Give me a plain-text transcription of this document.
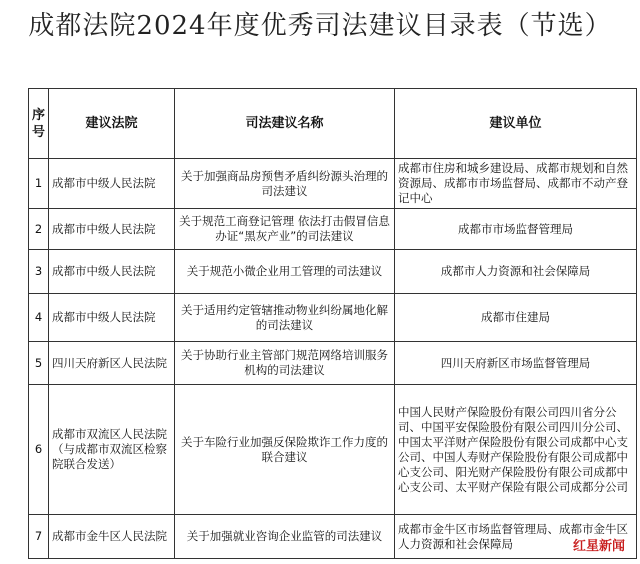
成都法院2024年度优秀司法建议目录表（节选）
序号	建议法院	司法建议名称	建议单位
1	成都市中级人民法院	关于加强商品房预售矛盾纠纷源头治理的司法建议	成都市住房和城乡建设局、成都市规划和自然资源局、成都市市场监督局、成都市不动产登记中心
2	成都市中级人民法院	关于规范工商登记管理 依法打击假冒信息办证“黑灰产业”的司法建议	成都市市场监督管理局
3	成都市中级人民法院	关于规范小微企业用工管理的司法建议	成都市人力资源和社会保障局
4	成都市中级人民法院	关于适用约定管辖推动物业纠纷属地化解的司法建议	成都市住建局
5	四川天府新区人民法院	关于协助行业主管部门规范网络培训服务机构的司法建议	四川天府新区市场监督管理局
6	成都市双流区人民法院（与成都市双流区检察院联合发送）	关于车险行业加强反保险欺诈工作力度的联合建议	中国人民财产保险股份有限公司四川省分公司、中国平安保险股份有限公司四川分公司、中国太平洋财产保险股份有限公司成都中心支公司、中国人寿财产保险股份有限公司成都中心支公司、阳光财产保险股份有限公司成都中心支公司、太平财产保险有限公司成都分公司
7	成都市金牛区人民法院	关于加强就业咨询企业监管的司法建议	成都市金牛区市场监督管理局、成都市金牛区人力资源和社会保障局	红星新闻
